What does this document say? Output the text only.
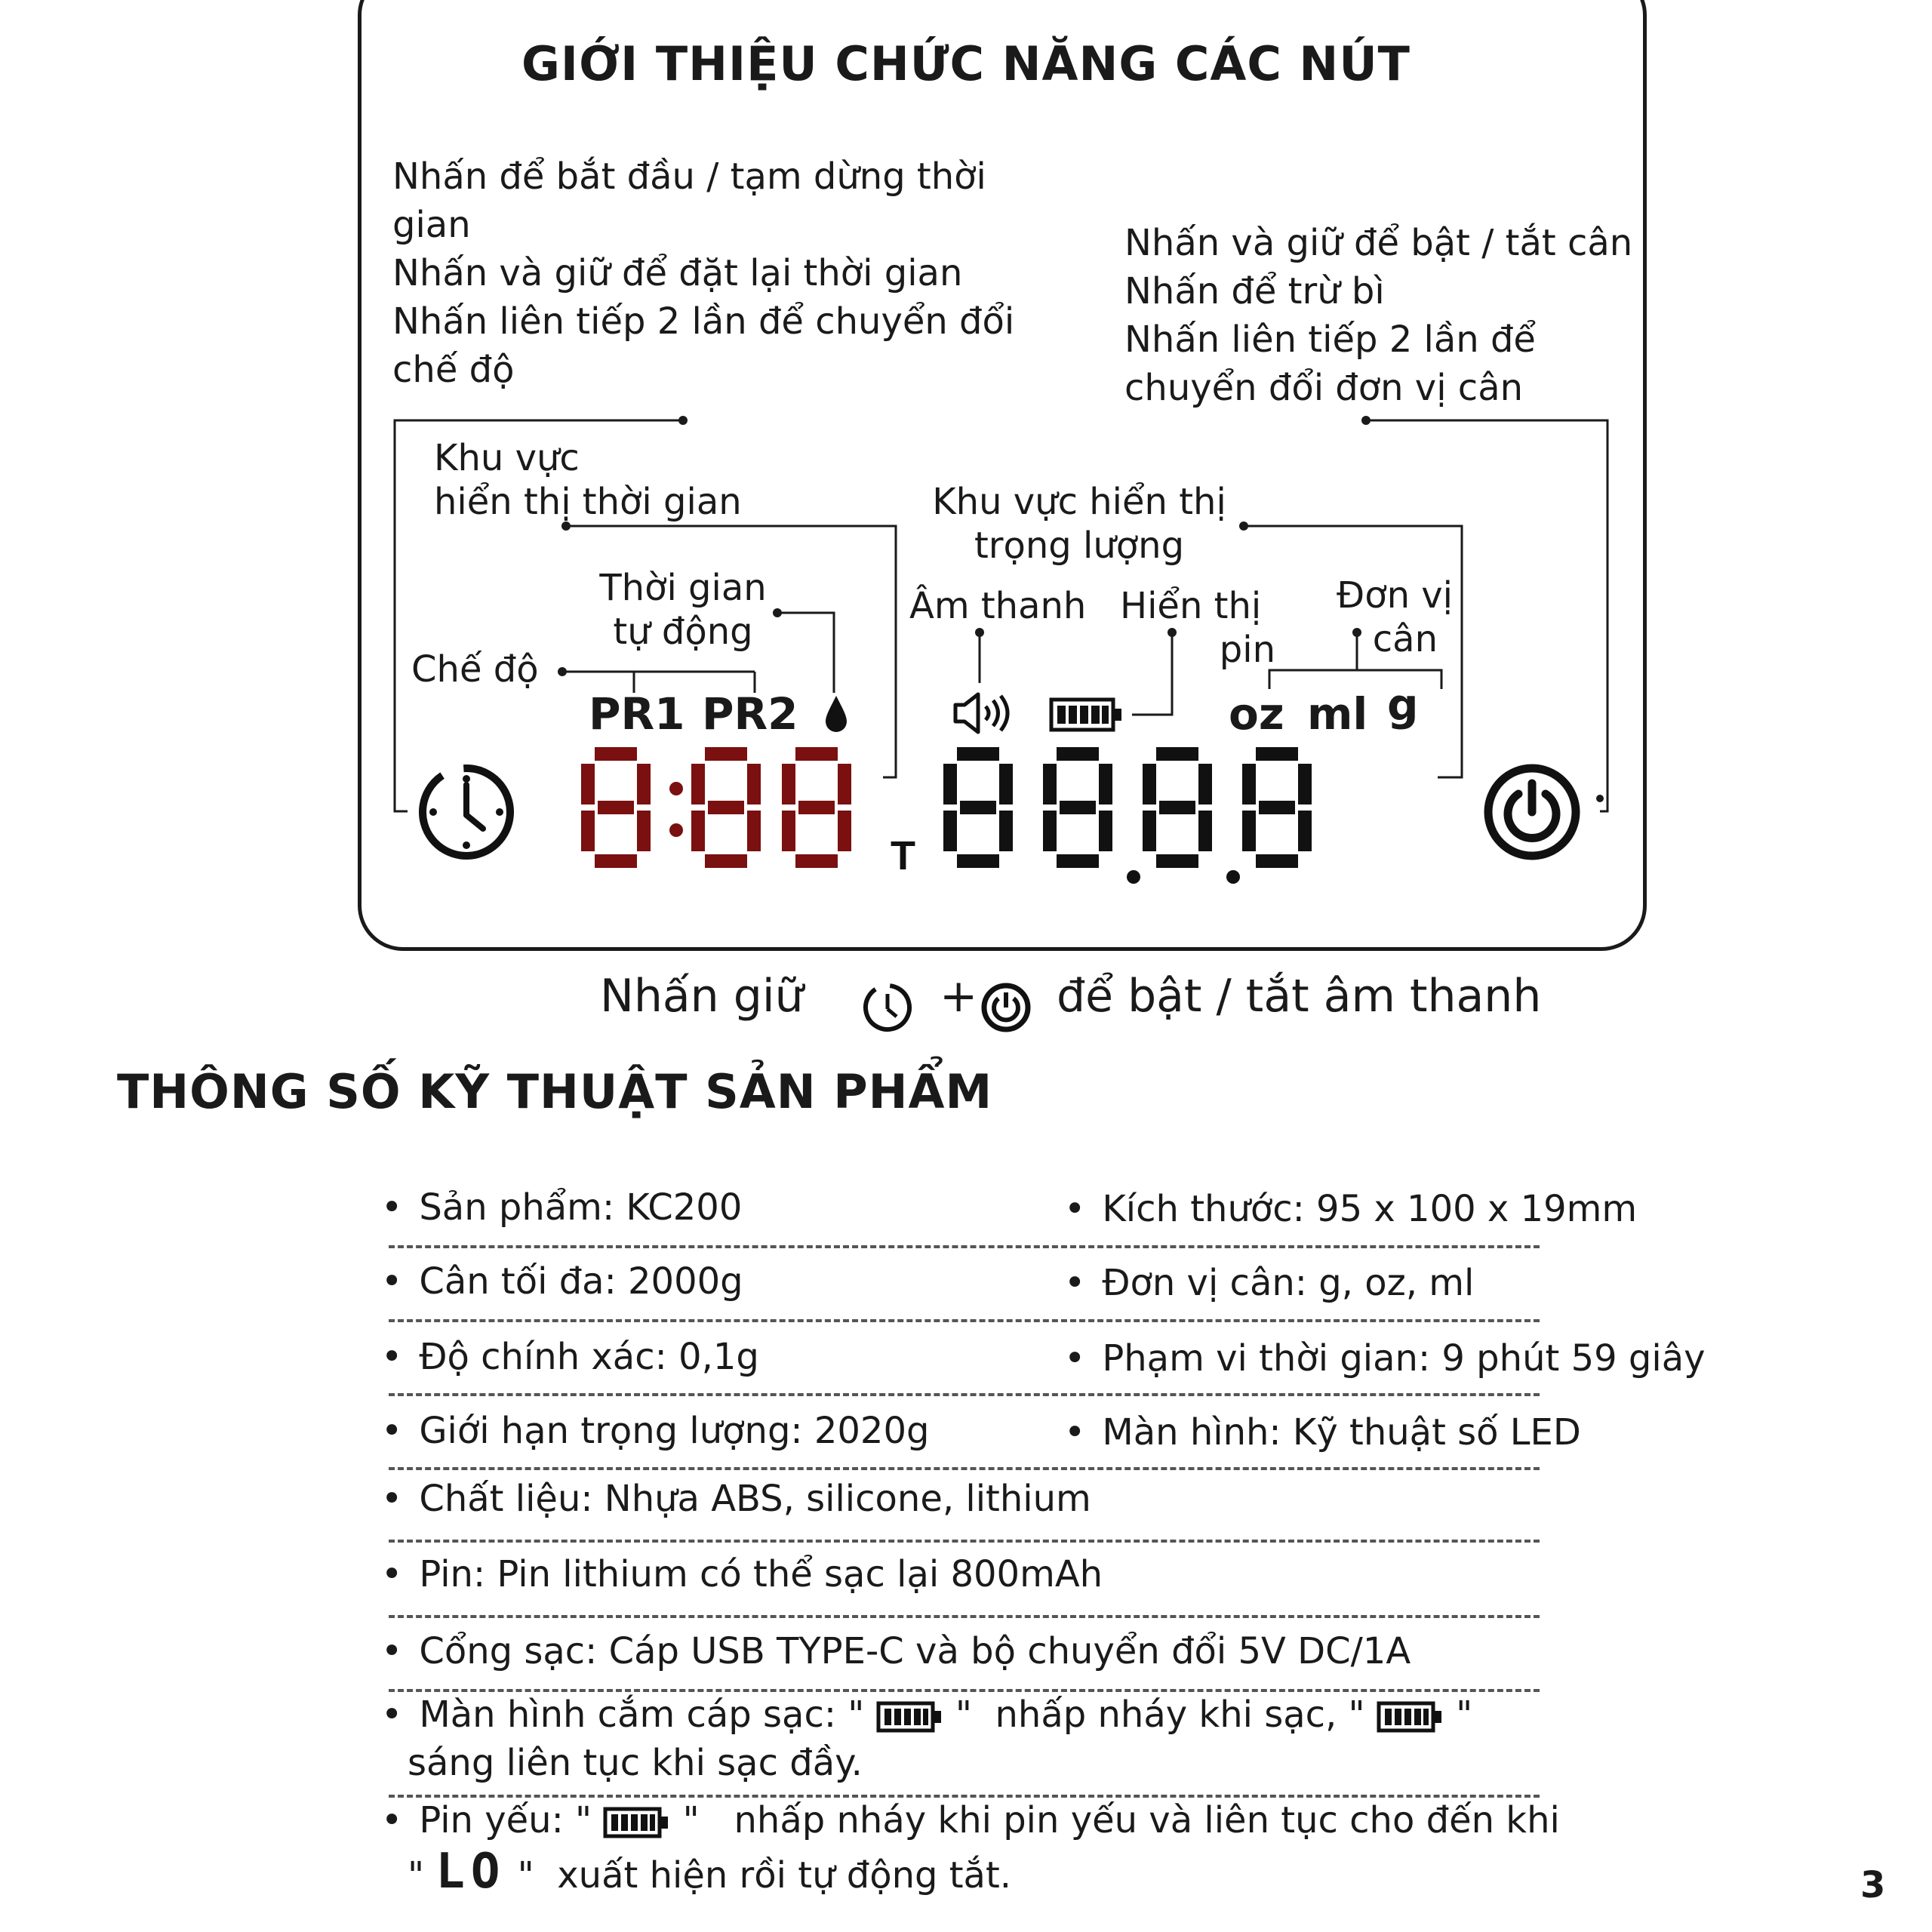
GIỚI THIỆU CHỨC NĂNG CÁC NÚT
Nhấn để bắt đầu / tạm dừng thời
gian
Nhấn và giữ để đặt lại thời gian
Nhấn liên tiếp 2 lần để chuyển đổi
chế độ
Nhấn và giữ để bật / tắt cân
Nhấn để trừ bì
Nhấn liên tiếp 2 lần để
chuyển đổi đơn vị cân
Khu vực
hiển thị thời gian	Khu vực hiển thị
trọng lượng
Thời gian
tự động
Chế độ
Âm thanh Hiển thị
pin
Đơn vị
cân
PR1 PR2	oz ml g
T
Nhấn giữ	+ để bật / tắt âm thanh
THÔNG SỐ KỸ THUẬT SẢN PHẨM
• Sản phẩm: KC200	• Kích thước: 95 x 100 x 19mm
• Cân tối đa: 2000g	• Đơn vị cân: g, oz, ml
• Độ chính xác: 0,1g	• Phạm vi thời gian: 9 phút 59 giây
• Giới hạn trọng lượng: 2020g	• Màn hình: Kỹ thuật số LED
• Chất liệu: Nhựa ABS, silicone, lithium
• Pin: Pin lithium có thể sạc lại 800mAh
• Cổng sạc: Cáp USB TYPE-C và bộ chuyển đổi 5V DC/1A
• Màn hình cắm cáp sạc: "	" nhấp nháy khi sạc, "	"
sáng liên tục khi sạc đầy.
• Pin yếu: "	" nhấp nháy khi pin yếu và liên tục cho đến khi
" LO " xuất hiện rồi tự động tắt.	3
